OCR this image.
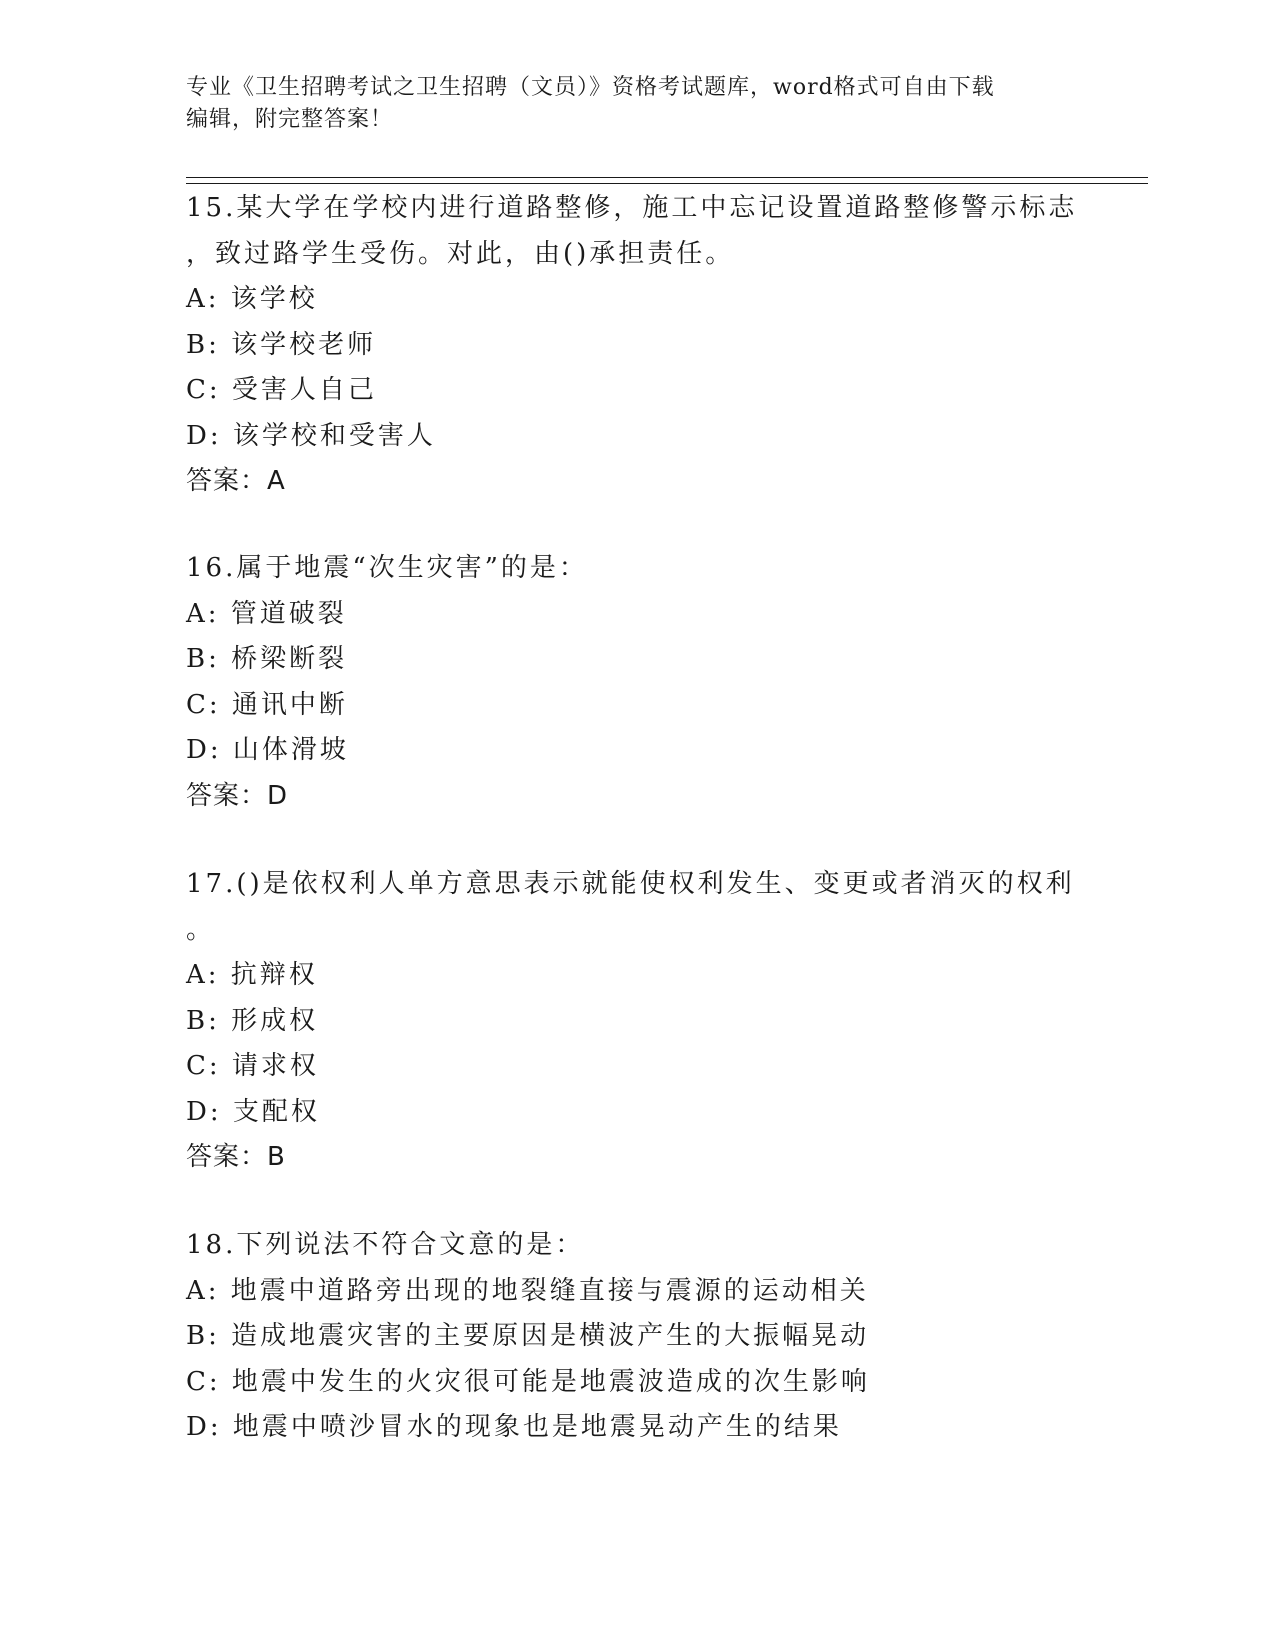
专业《卫生招聘考试之卫生招聘（文员）》资格考试题库，word格式可自由下载
编辑，附完整答案！
15.某大学在学校内进行道路整修，施工中忘记设置道路整修警示标志
，致过路学生受伤。对此，由()承担责任。
A: 该学校
B: 该学校老师
C: 受害人自己
D: 该学校和受害人
答案：A
16.属于地震“次生灾害”的是：
A: 管道破裂
B: 桥梁断裂
C: 通讯中断
D: 山体滑坡
答案：D
17.()是依权利人单方意思表示就能使权利发生、变更或者消灭的权利
。
A: 抗辩权
B: 形成权
C: 请求权
D: 支配权
答案：B
18.下列说法不符合文意的是：
A: 地震中道路旁出现的地裂缝直接与震源的运动相关
B: 造成地震灾害的主要原因是横波产生的大振幅晃动
C: 地震中发生的火灾很可能是地震波造成的次生影响
D: 地震中喷沙冒水的现象也是地震晃动产生的结果
